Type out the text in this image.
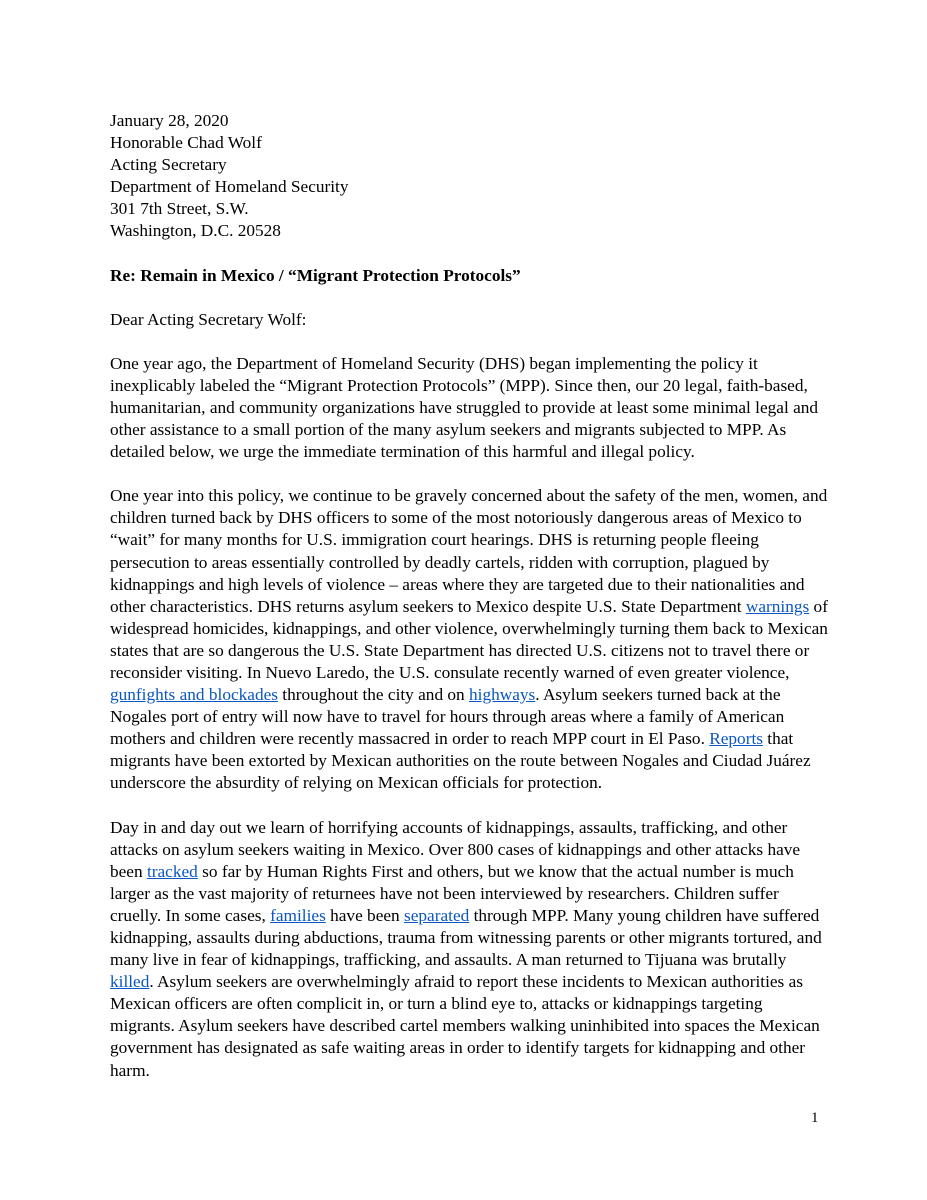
January 28, 2020
Honorable Chad Wolf
Acting Secretary
Department of Homeland Security
301 7th Street, S.W.
Washington, D.C. 20528
Re: Remain in Mexico / “Migrant Protection Protocols”
Dear Acting Secretary Wolf:

One year ago, the Department of Homeland Security (DHS) began implementing the policy it inexplicably labeled the “Migrant Protection Protocols” (MPP). Since then, our 20 legal, faith-based, humanitarian, and community organizations have struggled to provide at least some minimal legal and other assistance to a small portion of the many asylum seekers and migrants subjected to MPP. As detailed below, we urge the immediate termination of this harmful and illegal policy.

One year into this policy, we continue to be gravely concerned about the safety of the men, women, and children turned back by DHS officers to some of the most notoriously dangerous areas of Mexico to “wait” for many months for U.S. immigration court hearings. DHS is returning people fleeing persecution to areas essentially controlled by deadly cartels, ridden with corruption, plagued by kidnappings and high levels of violence – areas where they are targeted due to their nationalities and other characteristics. DHS returns asylum seekers to Mexico despite U.S. State Department warnings of widespread homicides, kidnappings, and other violence, overwhelmingly turning them back to Mexican states that are so dangerous the U.S. State Department has directed U.S. citizens not to travel there or reconsider visiting. In Nuevo Laredo, the U.S. consulate recently warned of even greater violence, gunfights and blockades throughout the city and on highways. Asylum seekers turned back at the Nogales port of entry will now have to travel for hours through areas where a family of American mothers and children were recently massacred in order to reach MPP court in El Paso. Reports that migrants have been extorted by Mexican authorities on the route between Nogales and Ciudad Juárez underscore the absurdity of relying on Mexican officials for protection.

Day in and day out we learn of horrifying accounts of kidnappings, assaults, trafficking, and other attacks on asylum seekers waiting in Mexico. Over 800 cases of kidnappings and other attacks have been tracked so far by Human Rights First and others, but we know that the actual number is much larger as the vast majority of returnees have not been interviewed by researchers. Children suffer cruelly. In some cases, families have been separated through MPP. Many young children have suffered kidnapping, assaults during abductions, trauma from witnessing parents or other migrants tortured, and many live in fear of kidnappings, trafficking, and assaults. A man returned to Tijuana was brutally killed. Asylum seekers are overwhelmingly afraid to report these incidents to Mexican authorities as Mexican officers are often complicit in, or turn a blind eye to, attacks or kidnappings targeting migrants. Asylum seekers have described cartel members walking uninhibited into spaces the Mexican government has designated as safe waiting areas in order to identify targets for kidnapping and other harm.

1
